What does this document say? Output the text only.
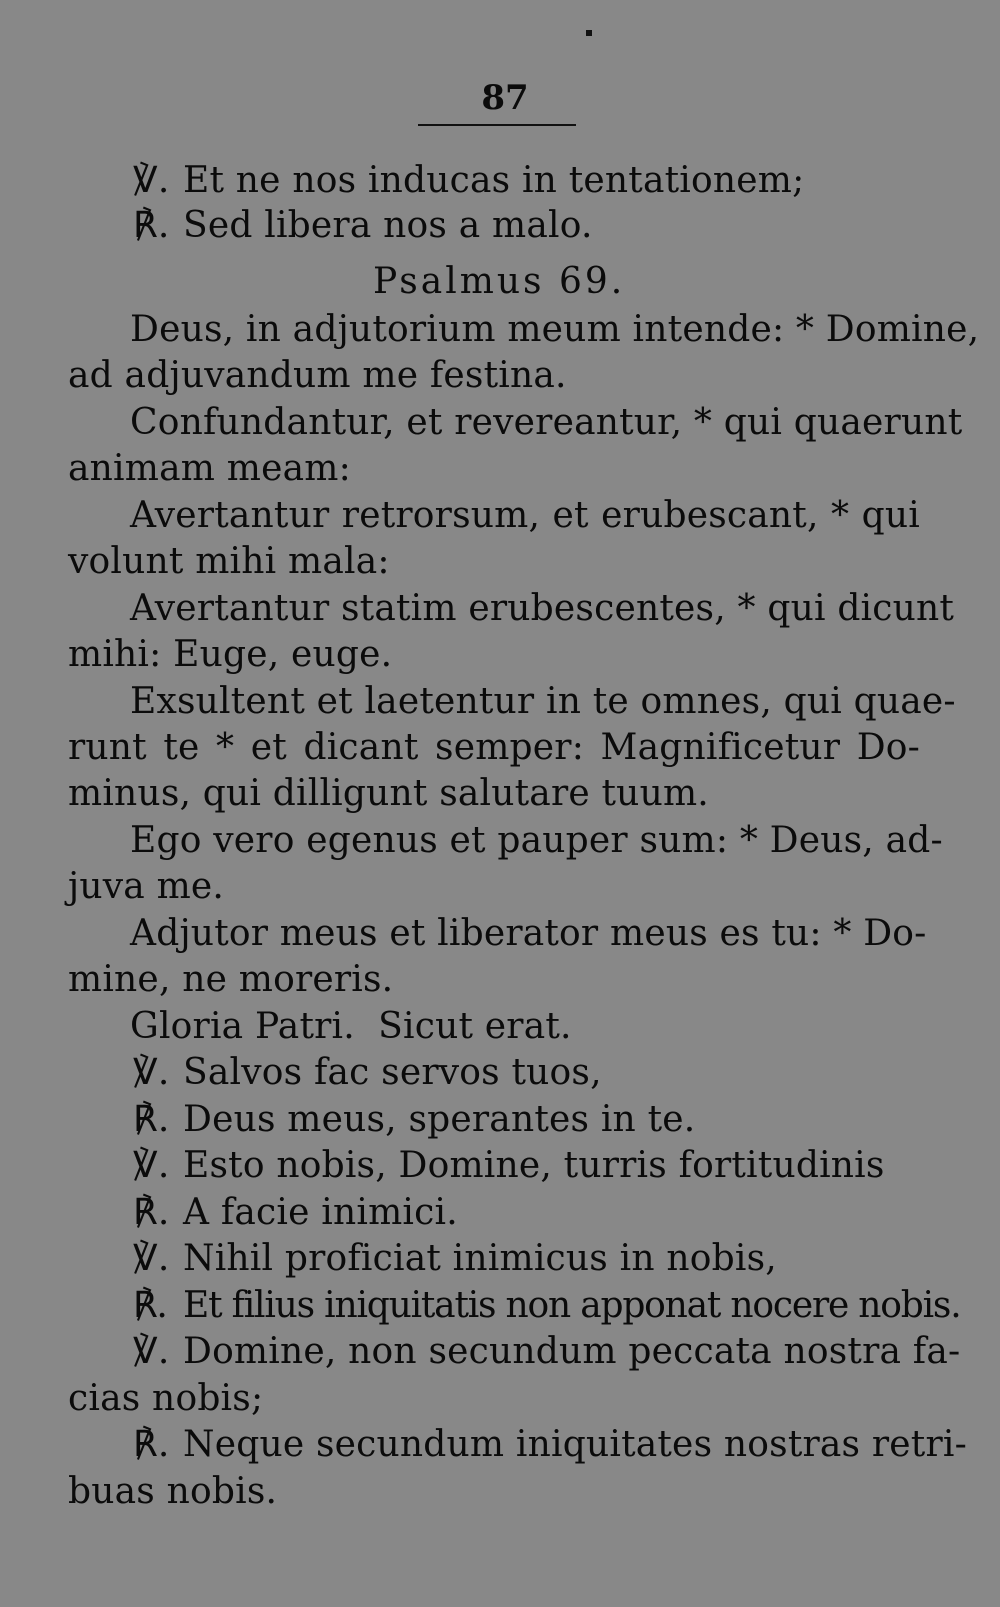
87
℣. Et ne nos inducas in tentationem;
℟. Sed libera nos a malo.
Psalmus 69.
Deus, in adjutorium meum intende: * Domine,
ad adjuvandum me festina.
Confundantur, et revereantur, * qui quaerunt
animam meam:
Avertantur retrorsum, et erubescant, * qui
volunt mihi mala:
Avertantur statim erubescentes, * qui dicunt
mihi: Euge, euge.
Exsultent et laetentur in te omnes, qui quae-
runt te * et dicant semper: Magnificetur Do-
minus, qui dilligunt salutare tuum.
Ego vero egenus et pauper sum: * Deus, ad-
juva me.
Adjutor meus et liberator meus es tu: * Do-
mine, ne moreris.
Gloria Patri.  Sicut erat.
℣. Salvos fac servos tuos,
℟. Deus meus, sperantes in te.
℣. Esto nobis, Domine, turris fortitudinis
℟. A facie inimici.
℣. Nihil proficiat inimicus in nobis,
℟. Et filius iniquitatis non apponat nocere nobis.
℣. Domine, non secundum peccata nostra fa-
cias nobis;
℟. Neque secundum iniquitates nostras retri-
buas nobis.
